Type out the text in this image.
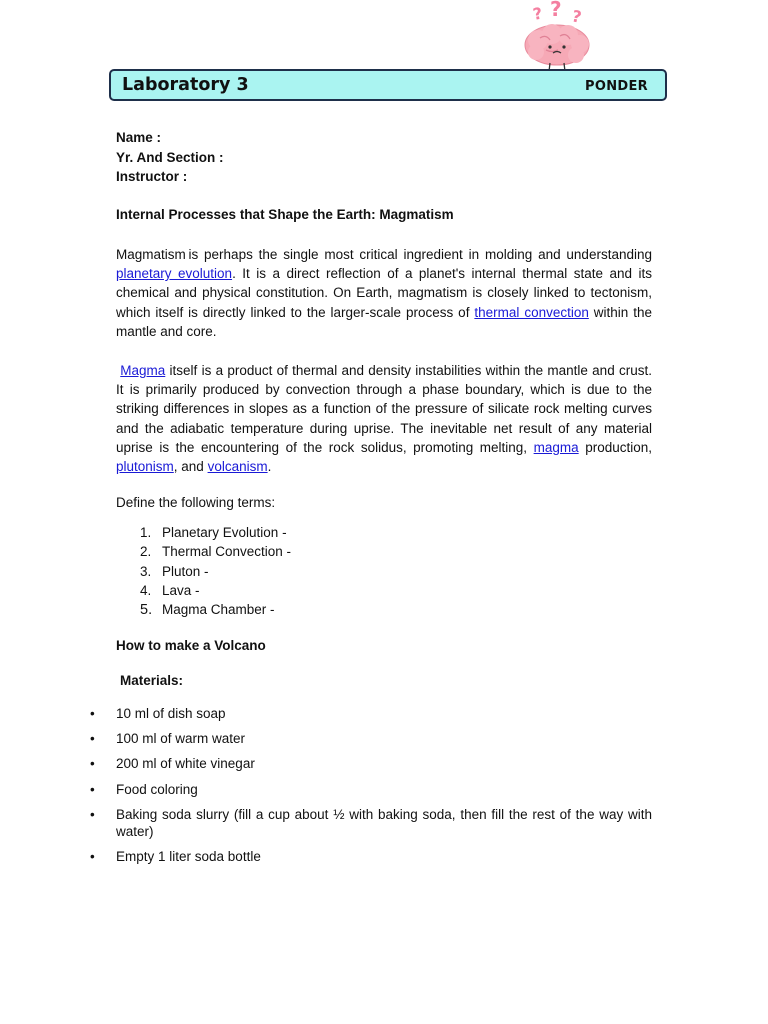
? ? ?
Laboratory 3	PONDER
Name :
Yr. And Section :
Instructor :
Internal Processes that Shape the Earth: Magmatism

Magmatism is perhaps the single most critical ingredient in molding and understanding planetary evolution. It is a direct reflection of a planet's internal thermal state and its chemical and physical constitution. On Earth, magmatism is closely linked to tectonism, which itself is directly linked to the larger-scale process of thermal convection within the mantle and core.

Magma itself is a product of thermal and density instabilities within the mantle and crust. It is primarily produced by convection through a phase boundary, which is due to the striking differences in slopes as a function of the pressure of silicate rock melting curves and the adiabatic temperature during uprise. The inevitable net result of any material uprise is the encountering of the rock solidus, promoting melting, magma production, plutonism, and volcanism.

Define the following terms:
1. Planetary Evolution -
2. Thermal Convection -
3. Pluton -
4. Lava -
5. Magma Chamber -
How to make a Volcano
Materials:
•	10 ml of dish soap
•	100 ml of warm water
•	200 ml of white vinegar
•	Food coloring
•	Baking soda slurry (fill a cup about ½ with baking soda, then fill the rest of the way with water)
•	Empty 1 liter soda bottle
